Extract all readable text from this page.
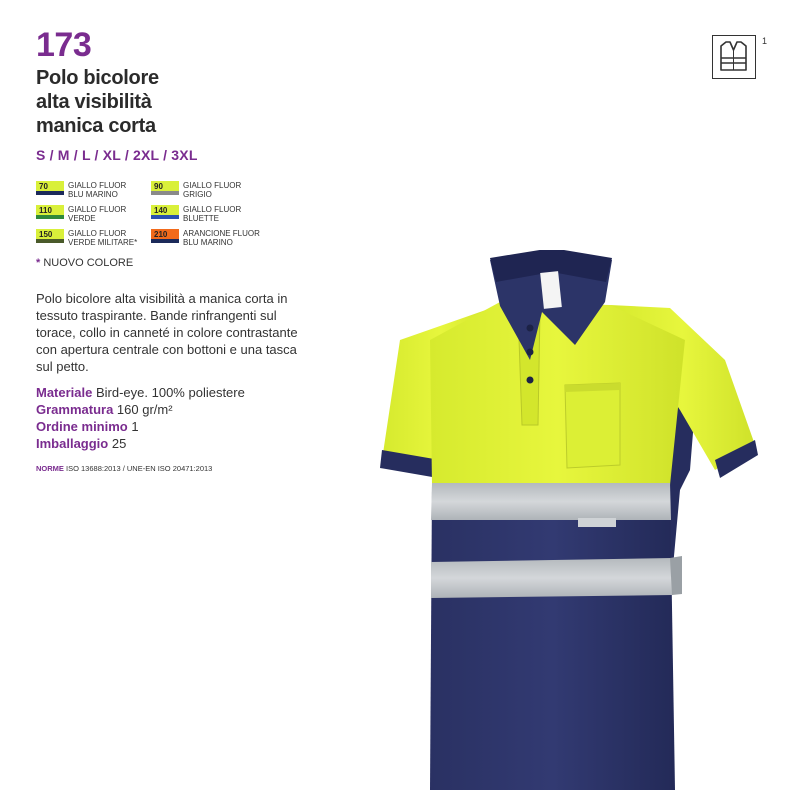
173
Polo bicolore
alta visibilità
manica corta
S / M / L / XL / 2XL / 3XL
70	GIALLO FLUOR
BLU MARINO
90	GIALLO FLUOR
GRIGIO
110 GIALLO FLUOR
VERDE
140 GIALLO FLUOR
BLUETTE
150 GIALLO FLUOR
VERDE MILITARE*
210 ARANCIONE FLUOR
BLU MARINO
* NUOVO COLORE
Polo bicolore alta visibilità a manica corta in tessuto traspirante. Bande rinfrangenti sul torace, collo in canneté in colore contrastante con apertura centrale con bottoni e una tasca sul petto.
Materiale Bird-eye. 100% poliestere
Grammatura 160 gr/m²
Ordine minimo 1
Imballaggio 25
NORME ISO 13688:2013 / UNE-EN ISO 20471:2013
1
